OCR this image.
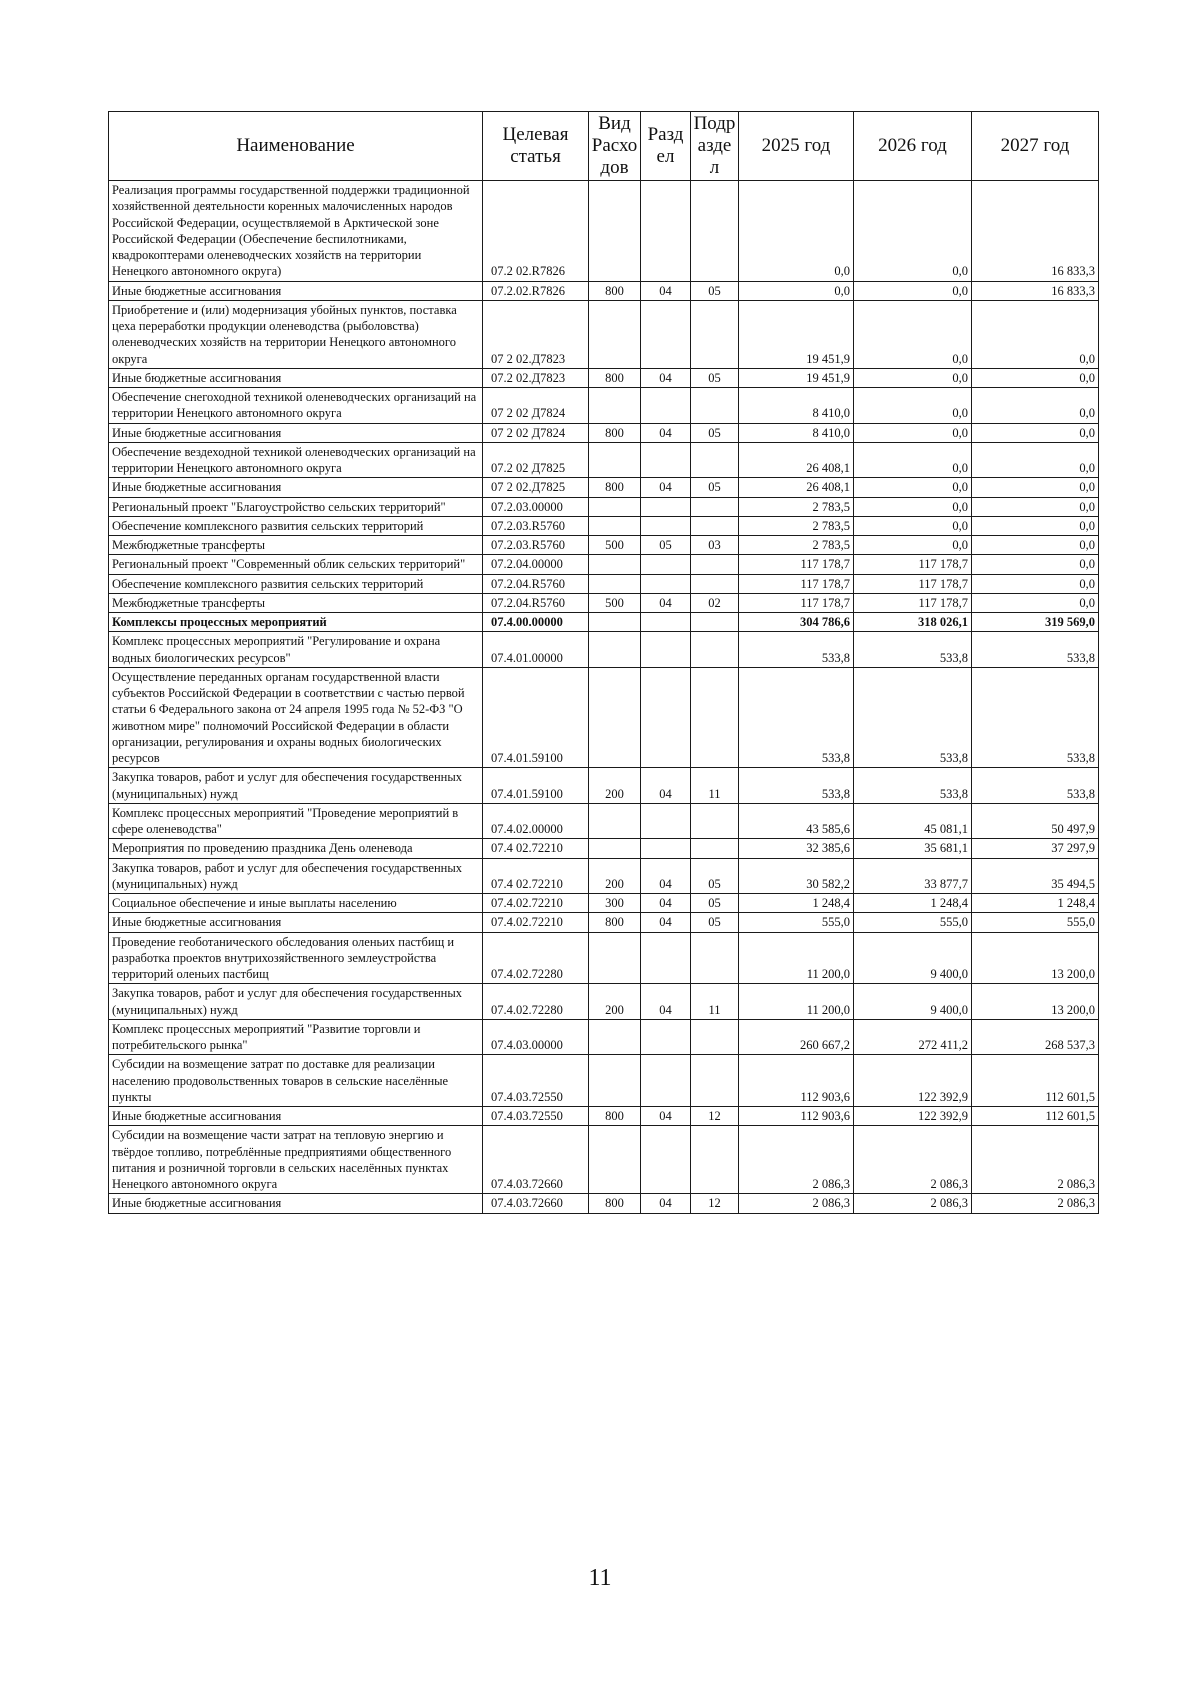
Наименование	Целевая статья	Вид Расхо дов	Разд ел	Подр азде л	2025 год	2026 год	2027 год
Реализация программы государственной поддержки традиционной хозяйственной деятельности коренных малочисленных народов Российской Федерации, осуществляемой в Арктической зоне Российской Федерации (Обеспечение беспилотниками, квадрокоптерами оленеводческих хозяйств на территории Ненецкого автономного округа)	07.2 02.R7826				0,0	0,0	16 833,3
Иные бюджетные ассигнования	07.2.02.R7826	800	04	05	0,0	0,0	16 833,3
Приобретение и (или) модернизация убойных пунктов, поставка цеха переработки продукции оленеводства (рыболовства) оленеводческих хозяйств на территории Ненецкого автономного округа	07 2 02.Д7823				19 451,9	0,0	0,0
Иные бюджетные ассигнования	07.2 02.Д7823	800	04	05	19 451,9	0,0	0,0
Обеспечение снегоходной техникой оленеводческих организаций на территории Ненецкого автономного округа	07 2 02 Д7824				8 410,0	0,0	0,0
Иные бюджетные ассигнования	07 2 02 Д7824	800	04	05	8 410,0	0,0	0,0
Обеспечение вездеходной техникой оленеводческих организаций на территории Ненецкого автономного округа	07.2 02 Д7825				26 408,1	0,0	0,0
Иные бюджетные ассигнования	07 2 02.Д7825	800	04	05	26 408,1	0,0	0,0
Региональный проект "Благоустройство сельских территорий"	07.2.03.00000				2 783,5	0,0	0,0
Обеспечение комплексного развития сельских территорий	07.2.03.R5760				2 783,5	0,0	0,0
Межбюджетные трансферты	07.2.03.R5760	500	05	03	2 783,5	0,0	0,0
Региональный проект "Современный облик сельских территорий"	07.2.04.00000				117 178,7	117 178,7	0,0
Обеспечение комплексного развития сельских территорий	07.2.04.R5760				117 178,7	117 178,7	0,0
Межбюджетные трансферты	07.2.04.R5760	500	04	02	117 178,7	117 178,7	0,0
Комплексы процессных мероприятий	07.4.00.00000				304 786,6	318 026,1	319 569,0
Комплекс процессных мероприятий "Регулирование и охрана водных биологических ресурсов"	07.4.01.00000				533,8	533,8	533,8
Осуществление переданных органам государственной власти субъектов Российской Федерации в соответствии с частью первой статьи 6 Федерального закона от 24 апреля 1995 года № 52-ФЗ "О животном мире" полномочий Российской Федерации в области организации, регулирования и охраны водных биологических ресурсов	07.4.01.59100				533,8	533,8	533,8
Закупка товаров, работ и услуг для обеспечения государственных (муниципальных) нужд	07.4.01.59100	200	04	11	533,8	533,8	533,8
Комплекс процессных мероприятий "Проведение мероприятий в сфере оленеводства"	07.4.02.00000				43 585,6	45 081,1	50 497,9
Мероприятия по проведению праздника День оленевода	07.4 02.72210				32 385,6	35 681,1	37 297,9
Закупка товаров, работ и услуг для обеспечения государственных (муниципальных) нужд	07.4 02.72210	200	04	05	30 582,2	33 877,7	35 494,5
Социальное обеспечение и иные выплаты населению	07.4.02.72210	300	04	05	1 248,4	1 248,4	1 248,4
Иные бюджетные ассигнования	07.4.02.72210	800	04	05	555,0	555,0	555,0
Проведение геоботанического обследования оленьих пастбищ и разработка проектов внутрихозяйственного землеустройства территорий оленьих пастбищ	07.4.02.72280				11 200,0	9 400,0	13 200,0
Закупка товаров, работ и услуг для обеспечения государственных (муниципальных) нужд	07.4.02.72280	200	04	11	11 200,0	9 400,0	13 200,0
Комплекс процессных мероприятий "Развитие торговли и потребительского рынка"	07.4.03.00000				260 667,2	272 411,2	268 537,3
Субсидии на возмещение затрат по доставке для реализации населению продовольственных товаров в сельские населённые пункты	07.4.03.72550				112 903,6	122 392,9	112 601,5
Иные бюджетные ассигнования	07.4.03.72550	800	04	12	112 903,6	122 392,9	112 601,5
Субсидии на возмещение части затрат на тепловую энергию и твёрдое топливо, потреблённые предприятиями общественного питания и розничной торговли в сельских населённых пунктах Ненецкого автономного округа	07.4.03.72660				2 086,3	2 086,3	2 086,3
Иные бюджетные ассигнования	07.4.03.72660	800	04	12	2 086,3	2 086,3	2 086,3
11
